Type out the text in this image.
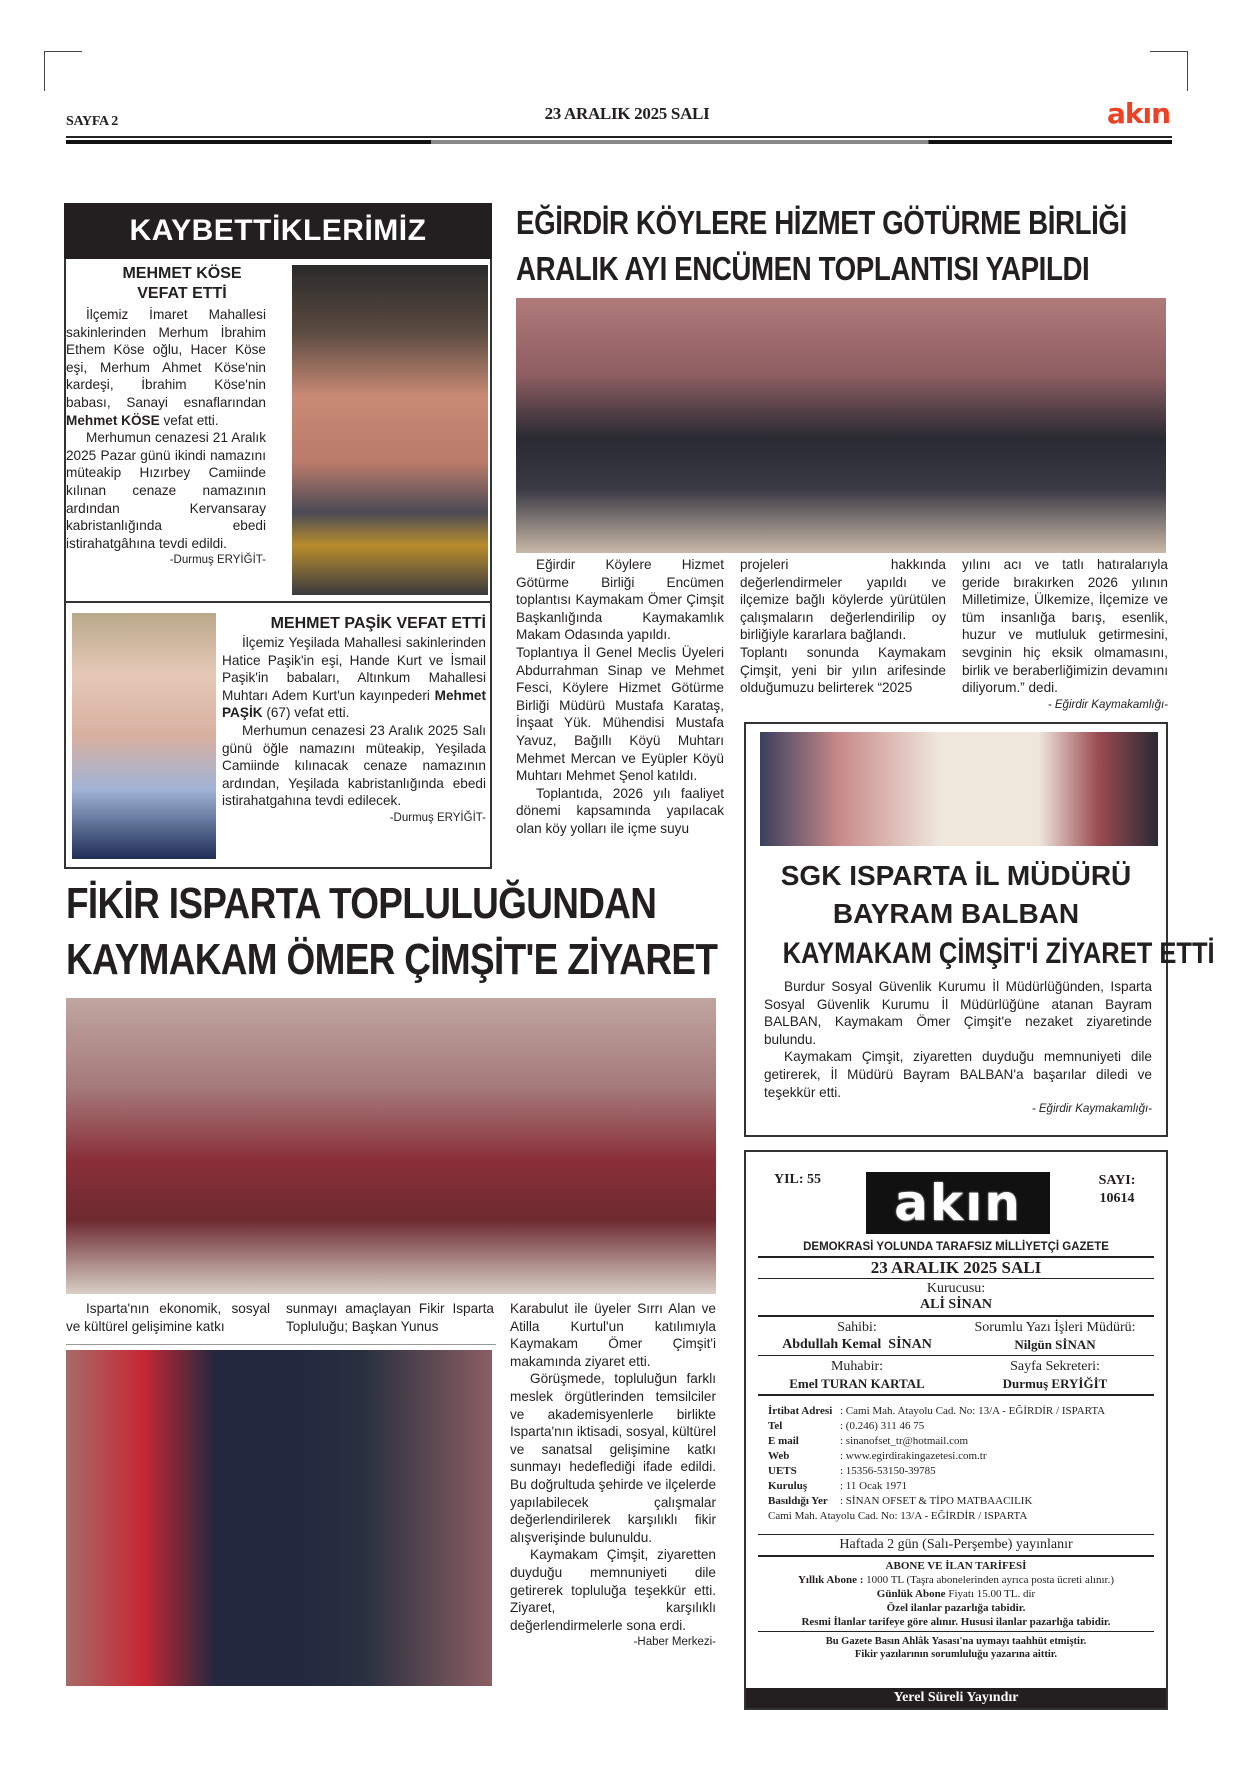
SAYFA 2	23 ARALIK 2025 SALI	akın
KAYBETTİKLERİMİZ
MEHMET KÖSE
VEFAT ETTİ

İlçemiz İmaret Mahallesi sakinlerinden Merhum İbrahim Ethem Köse oğlu, Hacer Köse eşi, Merhum Ahmet Köse'nin kardeşi, İbrahim Köse'nin babası, Sanayi esnaflarından Mehmet KÖSE vefat etti.

Merhumun cenazesi 21 Aralık 2025 Pazar günü ikindi namazını müteakip Hızırbey Camiinde kılınan cenaze namazının ardından Kervansaray kabristanlığında ebedi istirahatgâhına tevdi edildi.

-Durmuş ERYİĞİT-
MEHMET PAŞİK VEFAT ETTİ

İlçemiz Yeşilada Mahallesi sakinlerinden Hatice Paşik'in eşi, Hande Kurt ve İsmail Paşik'in babaları, Altınkum Mahallesi Muhtarı Adem Kurt'un kayınpederi Mehmet PAŞİK (67) vefat etti.

Merhumun cenazesi 23 Aralık 2025 Salı günü öğle namazını müteakip, Yeşilada Camiinde kılınacak cenaze namazının ardından, Yeşilada kabristanlığında ebedi istirahatgahına tevdi edilecek.

-Durmuş ERYİĞİT-
EĞİRDİR KÖYLERE HİZMET GÖTÜRME BİRLİĞİ
ARALIK AYI ENCÜMEN TOPLANTISI YAPILDI

Eğirdir Köylere Hizmet Götürme Birliği Encümen toplantısı Kaymakam Ömer Çimşit Başkanlığında Kaymakamlık Makam Odasında yapıldı.

Toplantıya İl Genel Meclis Üyeleri Abdurrahman Sinap ve Mehmet Fesci, Köylere Hizmet Götürme Birliği Müdürü Mustafa Karataş, İnşaat Yük. Mühendisi Mustafa Yavuz, Bağıllı Köyü Muhtarı Mehmet Mercan ve Eyüpler Köyü Muhtarı Mehmet Şenol katıldı.

Toplantıda, 2026 yılı faaliyet dönemi kapsamında yapılacak olan köy yolları ile içme suyu

projeleri hakkında değerlendirmeler yapıldı ve ilçemize bağlı köylerde yürütülen çalışmaların değerlendirilip oy birliğiyle kararlara bağlandı.

Toplantı sonunda Kaymakam Çimşit, yeni bir yılın arifesinde olduğumuzu belirterek “2025

yılını acı ve tatlı hatıralarıyla geride bırakırken 2026 yılının Milletimize, Ülkemize, İlçemize ve tüm insanlığa barış, esenlik, huzur ve mutluluk getirmesini, sevginin hiç eksik olmamasını, birlik ve beraberliğimizin devamını diliyorum.” dedi.

- Eğirdir Kaymakamlığı-
SGK ISPARTA İL MÜDÜRÜ
BAYRAM BALBAN
KAYMAKAM ÇİMŞİT'İ ZİYARET ETTİ

Burdur Sosyal Güvenlik Kurumu İl Müdürlüğünden, Isparta Sosyal Güvenlik Kurumu İl Müdürlüğüne atanan Bayram BALBAN, Kaymakam Ömer Çimşit'e nezaket ziyaretinde bulundu.

Kaymakam Çimşit, ziyaretten duyduğu memnuniyeti dile getirerek, İl Müdürü Bayram BALBAN'a başarılar diledi ve teşekkür etti.

- Eğirdir Kaymakamlığı-
FİKİR ISPARTA TOPLULUĞUNDAN
KAYMAKAM ÖMER ÇİMŞİT'E ZİYARET

Isparta'nın ekonomik, sosyal ve kültürel gelişimine katkı

sunmayı amaçlayan Fikir Isparta Topluluğu; Başkan Yunus

Karabulut ile üyeler Sırrı Alan ve Atilla Kurtul'un katılımıyla Kaymakam Ömer Çimşit'i makamında ziyaret etti.

Görüşmede, topluluğun farklı meslek örgütlerinden temsilciler ve akademisyenlerle birlikte Isparta'nın iktisadi, sosyal, kültürel ve sanatsal gelişimine katkı sunmayı hedeflediği ifade edildi. Bu doğrultuda şehirde ve ilçelerde yapılabilecek çalışmalar değerlendirilerek karşılıklı fikir alışverişinde bulunuldu.

Kaymakam Çimşit, ziyaretten duyduğu memnuniyeti dile getirerek topluluğa teşekkür etti. Ziyaret, karşılıklı değerlendirmelerle sona erdi.

-Haber Merkezi-
YIL: 55	akın	SAYI:
10614
DEMOKRASİ YOLUNDA TARAFSIZ MİLLİYETÇİ GAZETE
23 ARALIK 2025 SALI
Kurucusu:
ALİ SİNAN
Sahibi:
Abdullah Kemal  SİNAN
Sorumlu Yazı İşleri Müdürü:
Nilgün SİNAN
Muhabir:
Emel TURAN KARTAL
Sayfa Sekreteri:
Durmuş ERYİĞİT
İrtibat Adresi : Cami Mah. Atayolu Cad. No: 13/A - EĞİRDİR / ISPARTA
Tel	: (0.246) 311 46 75
E mail	: sinanofset_tr@hotmail.com
Web	: www.egirdirakingazetesi.com.tr
UETS	: 15356-53150-39785
Kuruluş	: 11 Ocak 1971
Basıldığı Yer	: SİNAN OFSET & TİPO MATBAACILIK
Cami Mah. Atayolu Cad. No: 13/A - EĞİRDİR / ISPARTA
Haftada 2 gün (Salı-Perşembe) yayınlanır
ABONE VE İLAN TARİFESİ
Yıllık Abone : 1000 TL (Taşra abonelerinden ayrıca posta ücreti alınır.)
Günlük Abone Fiyatı 15.00 TL. dir
Özel ilanlar pazarlığa tabidir.
Resmi İlanlar tarifeye göre alınır. Hususi ilanlar pazarlığa tabidir.
Bu Gazete Basın Ahlâk Yasası'na uymayı taahhüt etmiştir.
Fikir yazılarının sorumluluğu yazarına aittir.
Yerel Süreli Yayındır
